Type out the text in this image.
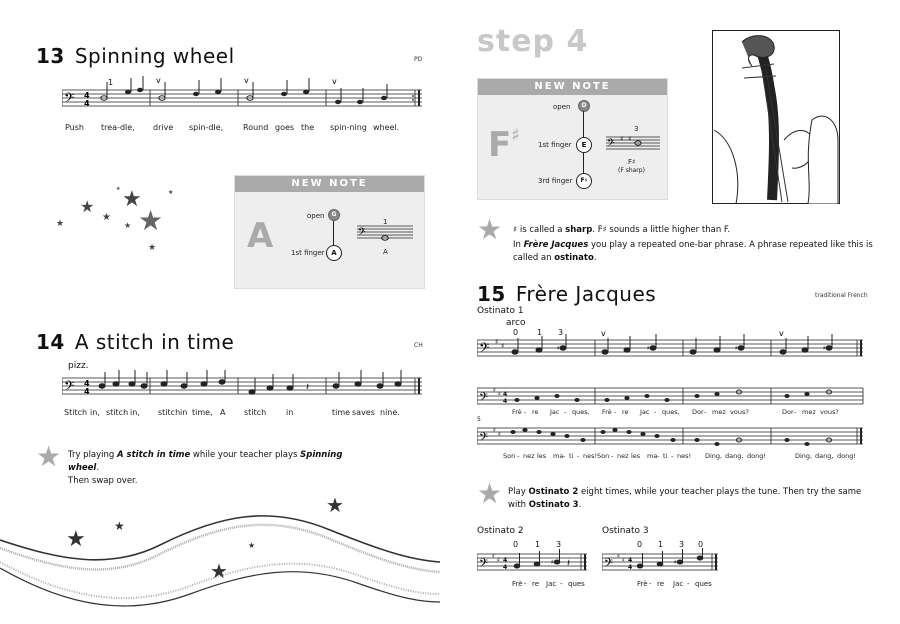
13 Spinning wheel	PD
𝄢 4
4
v	v	v
1
Push trea-dle, drive spin-dle, Round goes the spin-ning wheel.
★
★
★
★	★
★
★
★
★	NEW NOTE
A	open	G
1st finger A
𝄢
1
A
14 A stitch in time	CH
pizz.
𝄢 4
4	𝄽
Stitch in, stitch in, stitch in time, A stitch in	time saves nine.
★ Try playing A stitch in time while your teacher plays Spinning wheel.
Then swap over.
★
★
★
★
★
step 4
NEW NOTE
F♯
open	D
1st finger	E
3rd finger	F♯
𝄢 ♯ ♯
3
F♯
(F sharp)
★ ♯ is called a sharp. F♯ sounds a little higher than F.
In Frère Jacques you play a repeated one-bar phrase. A phrase repeated like this is
called an ostinato.
15 Frère Jacques	traditional French
Ostinato 1
arco
0 1 3
𝄢 ♯ ♯	♯	♯	♯	♯
v	v
𝄢
♯
♯ 4
4
Frè - re Jac - ques, Frè - re Jac - ques, Dor - mez vous?	Dor - mez vous?
5
𝄢
♯
♯
Son - nez les ma - ti - nes! Son - nez les ma - ti - nes! Ding, dang, dong!	Ding, dang, dong!
★ Play Ostinato 2 eight times, while your teacher plays the tune. Then try the same
with Ostinato 3.
Ostinato 2
0 1 3
𝄢
♯
♯ 4
4
♯ 𝄽
Frè - re Jac - ques
Ostinato 3
0 1 3 0
𝄢
♯
♯ 4
4
♯
Frè - re Jac - ques
